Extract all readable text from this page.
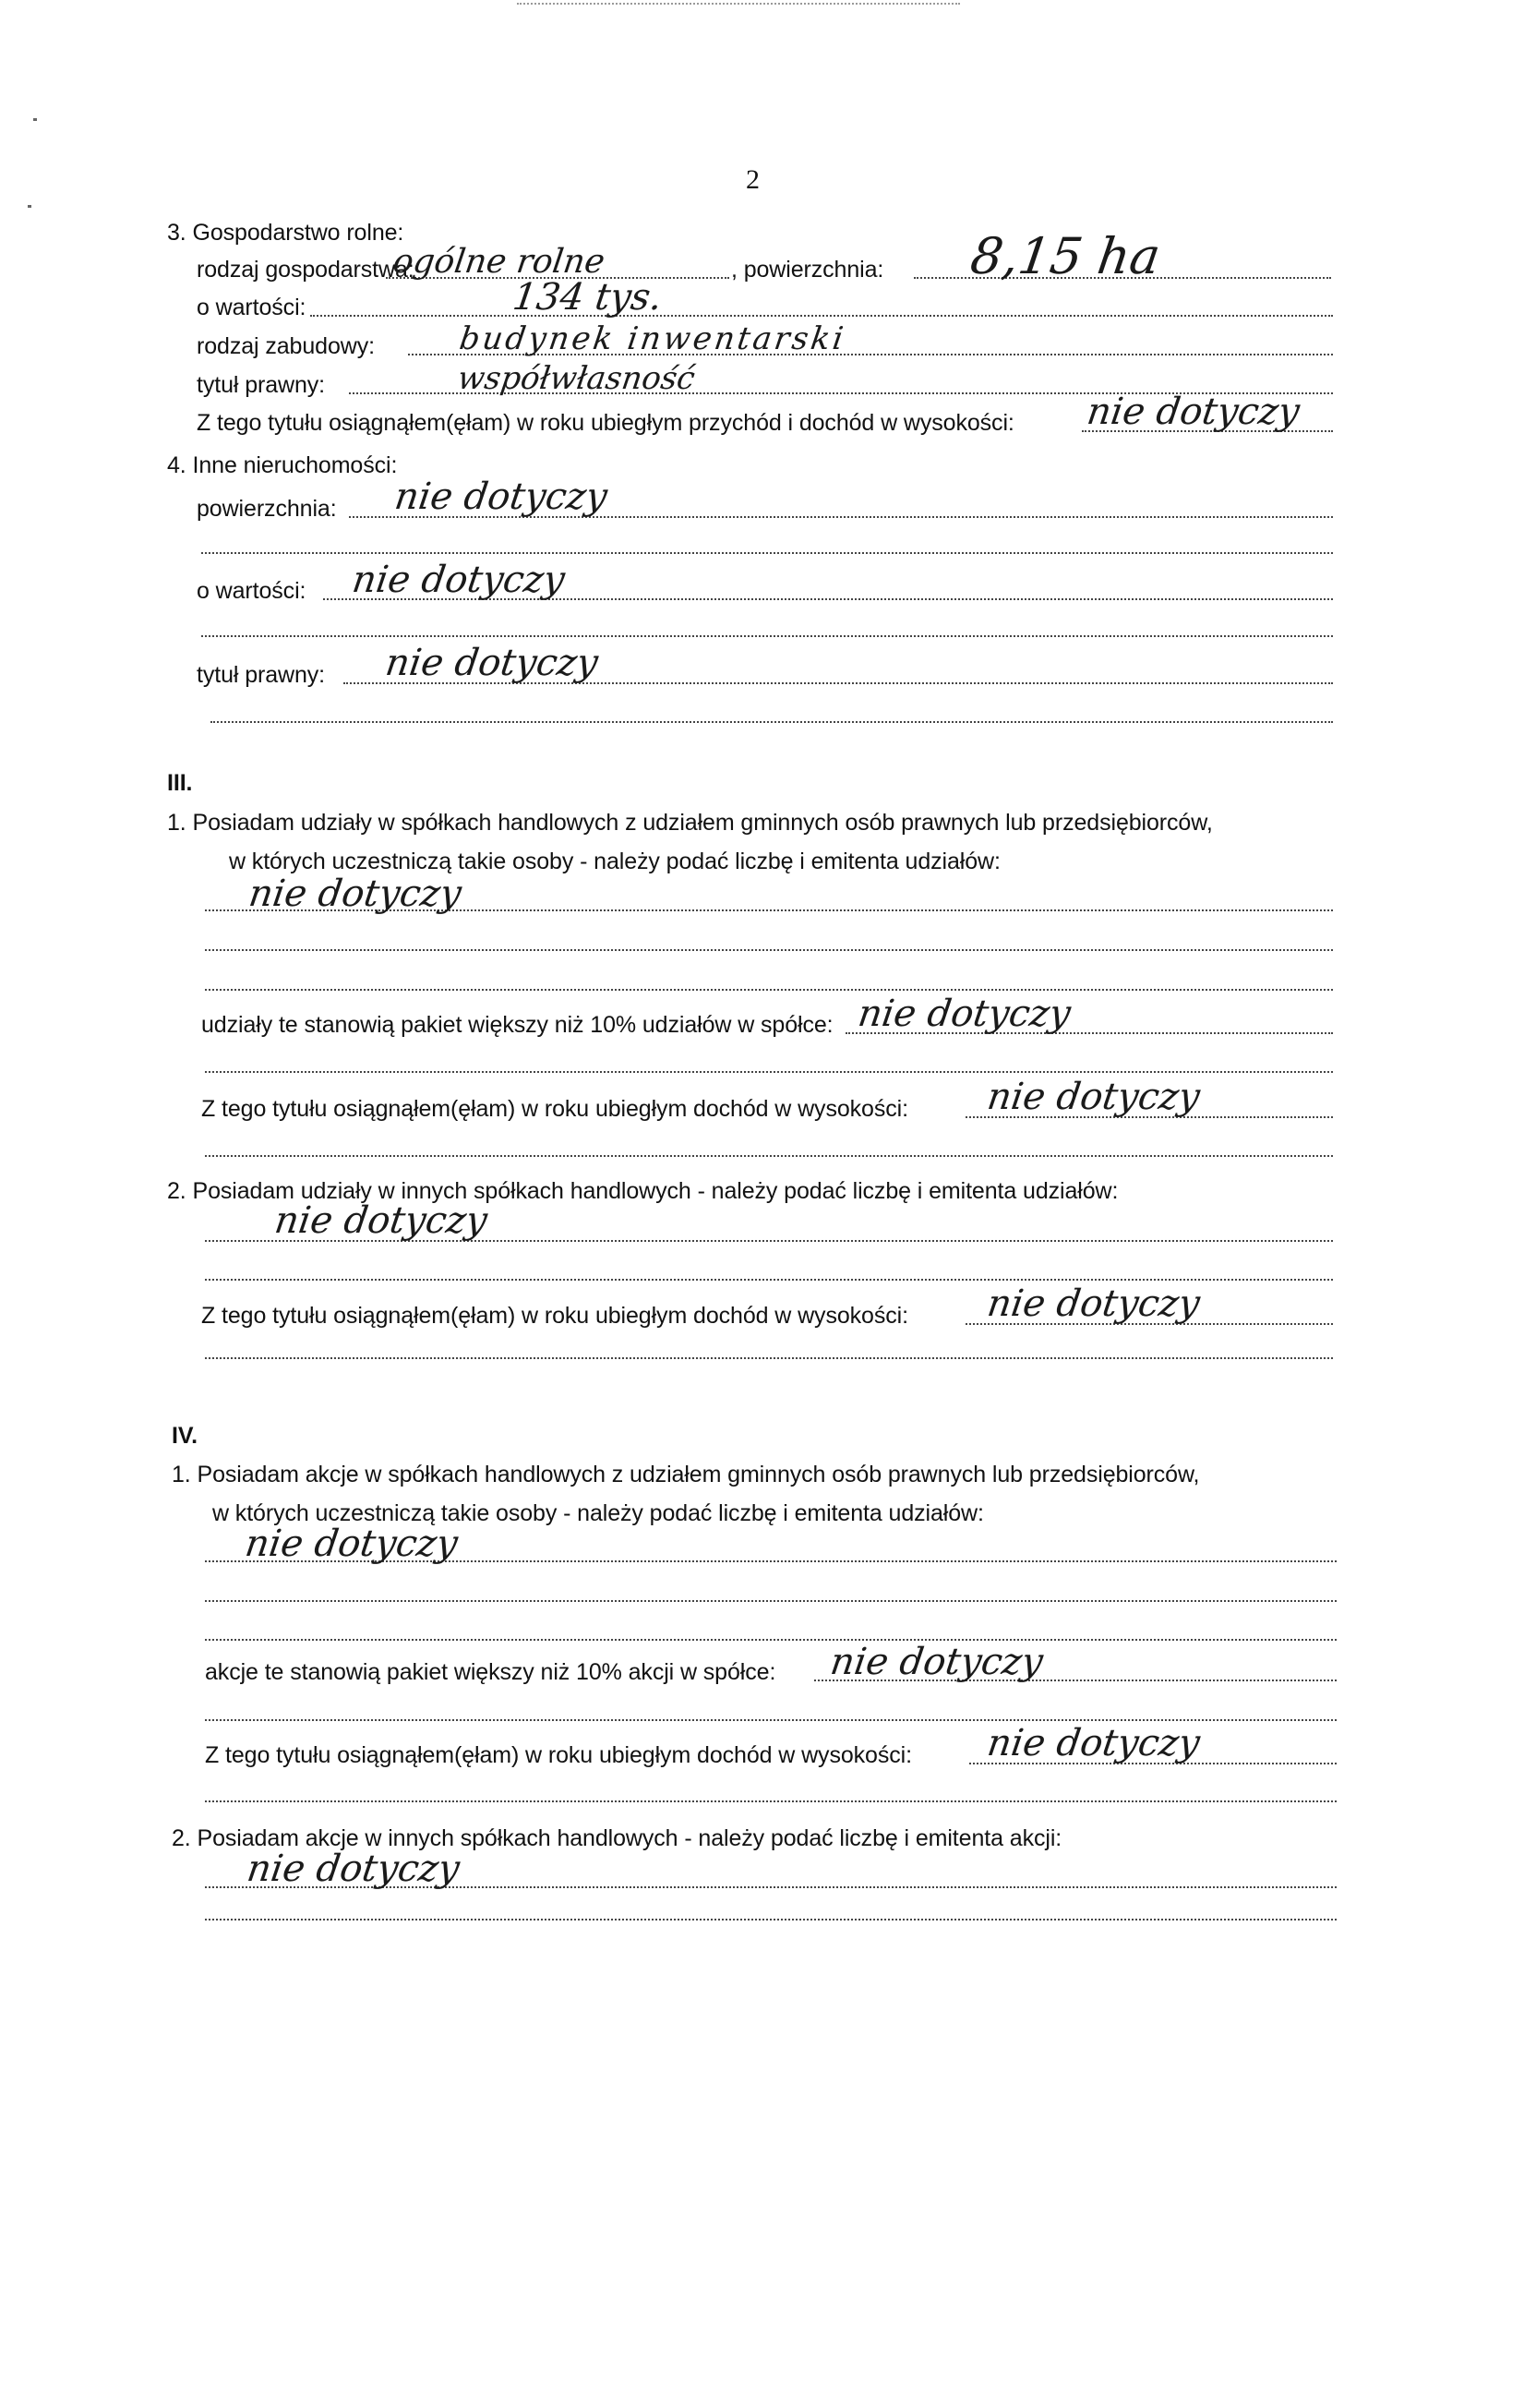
2
3. Gospodarstwo rolne:
rodzaj gospodarstwa:
ogólne rolne	, powierzchnia: 8,15 ha
o wartości:	134 tys.
rodzaj zabudowy:	budynek inwentarski
tytuł prawny:	współwłasność
Z tego tytułu osiągnąłem(ęłam) w roku ubiegłym przychód i dochód w wysokości: nie dotyczy
4. Inne nieruchomości:
powierzchnia: nie dotyczy
o wartości: nie dotyczy
tytuł prawny: nie dotyczy
III.
1. Posiadam udziały w spółkach handlowych z udziałem gminnych osób prawnych lub przedsiębiorców,
w których uczestniczą takie osoby - należy podać liczbę i emitenta udziałów:
nie dotyczy
udziały te stanowią pakiet większy niż 10% udziałów w spółce: nie dotyczy
Z tego tytułu osiągnąłem(ęłam) w roku ubiegłym dochód w wysokości: nie dotyczy
2. Posiadam udziały w innych spółkach handlowych - należy podać liczbę i emitenta udziałów:
nie dotyczy
Z tego tytułu osiągnąłem(ęłam) w roku ubiegłym dochód w wysokości: nie dotyczy
IV.
1. Posiadam akcje w spółkach handlowych z udziałem gminnych osób prawnych lub przedsiębiorców,
w których uczestniczą takie osoby - należy podać liczbę i emitenta udziałów:
nie dotyczy
akcje te stanowią pakiet większy niż 10% akcji w spółce: nie dotyczy
Z tego tytułu osiągnąłem(ęłam) w roku ubiegłym dochód w wysokości: nie dotyczy
2. Posiadam akcje w innych spółkach handlowych - należy podać liczbę i emitenta akcji:
nie dotyczy
